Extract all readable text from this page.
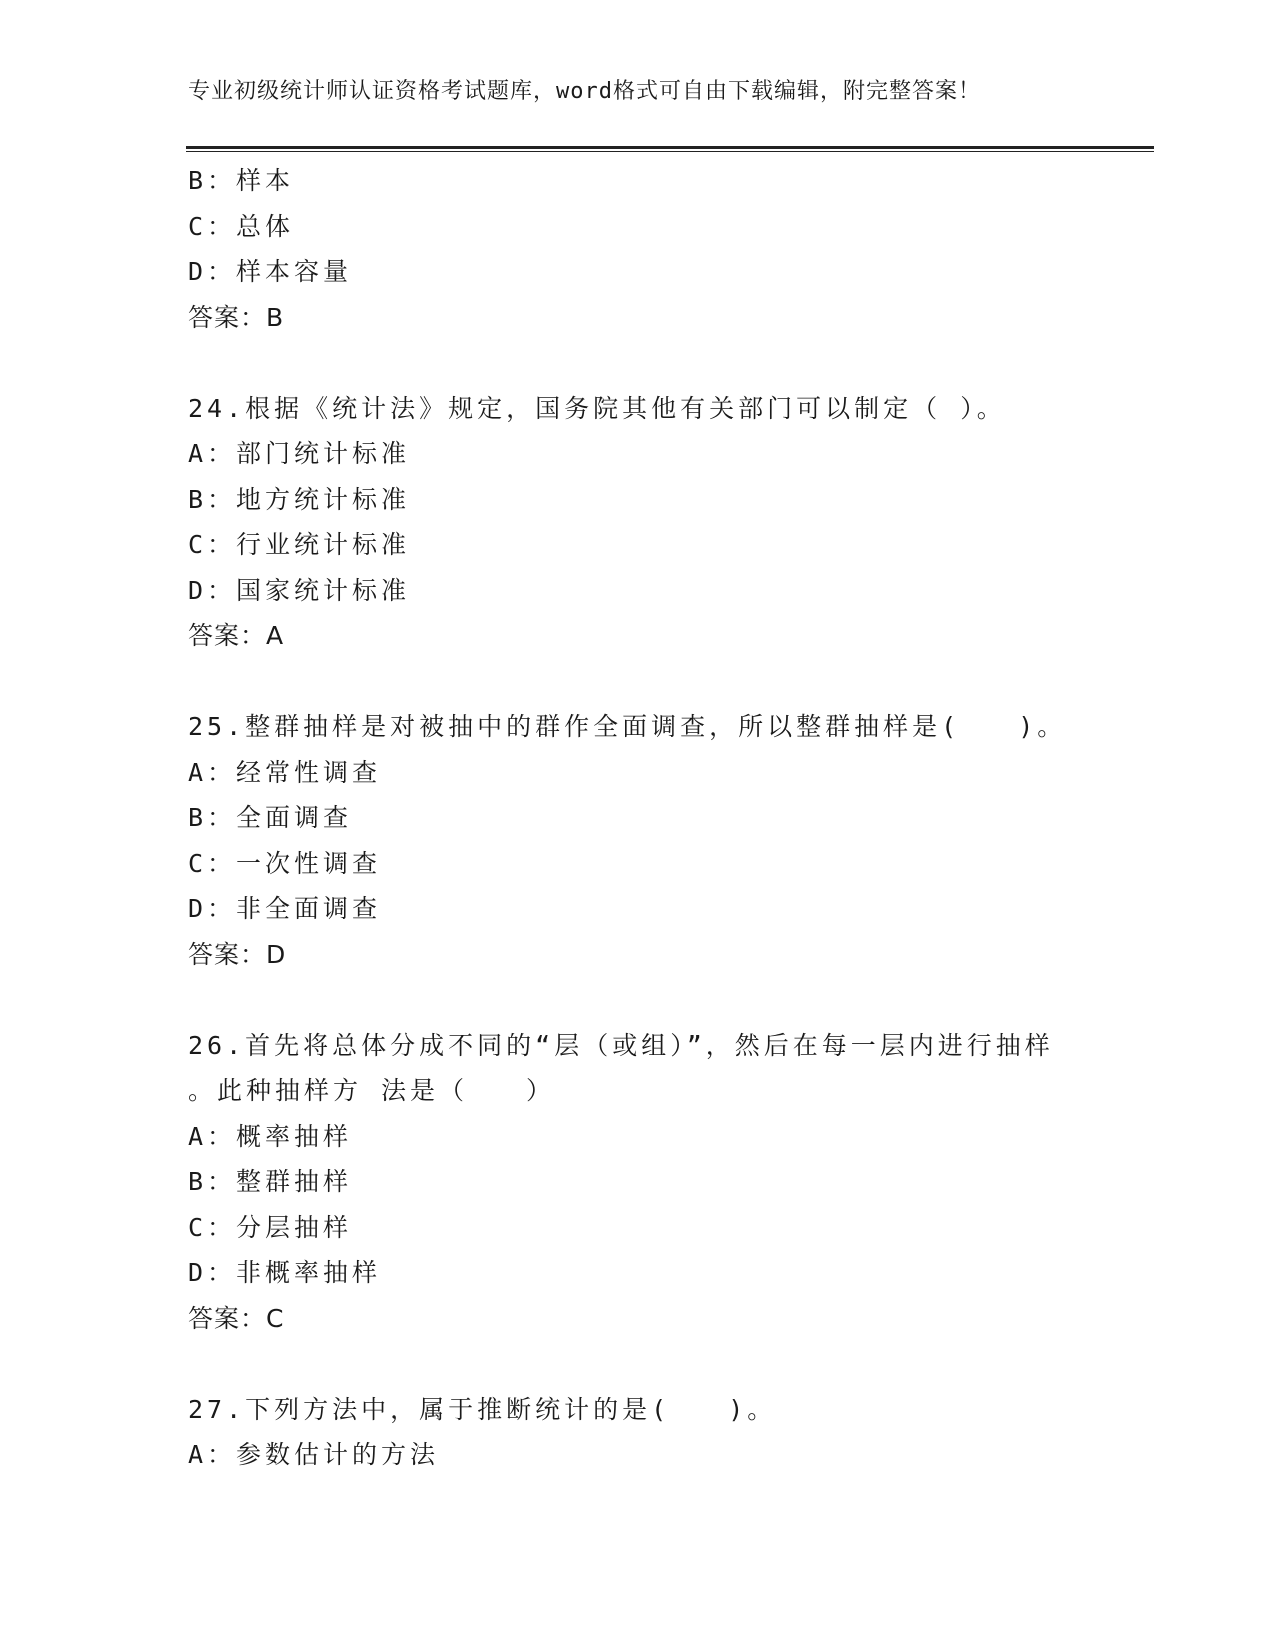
专业初级统计师认证资格考试题库，word格式可自由下载编辑，附完整答案！
B：样本
C：总体
D：样本容量
答案：B
24.根据《统计法》规定，国务院其他有关部门可以制定（ ）。
A：部门统计标准
B：地方统计标准
C：行业统计标准
D：国家统计标准
答案：A
25.整群抽样是对被抽中的群作全面调查，所以整群抽样是(　　)。
A：经常性调查
B：全面调查
C：一次性调查
D：非全面调查
答案：D
26.首先将总体分成不同的“层（或组）”，然后在每一层内进行抽样
。此种抽样方 法是（　　）
A：概率抽样
B：整群抽样
C：分层抽样
D：非概率抽样
答案：C
27.下列方法中，属于推断统计的是(　　)。
A：参数估计的方法
